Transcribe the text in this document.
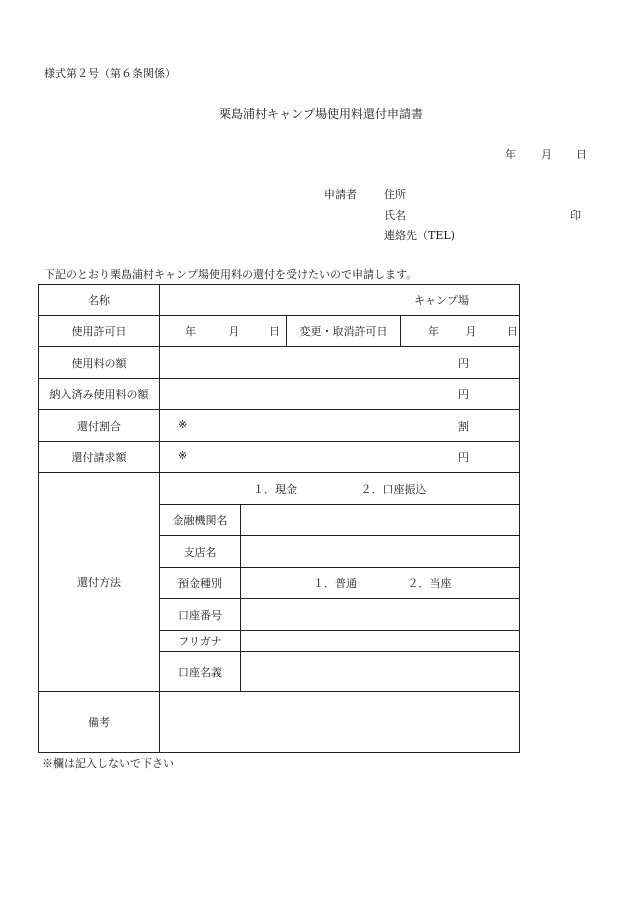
様式第２号（第６条関係）
栗島浦村キャンプ場使用料還付申請書
年 月 日
申請者 住所
氏名	印
連絡先（TEL)
下記のとおり栗島浦村キャンプ場使用料の還付を受けたいので申請します。
名称	キャンプ場			
使用許可日	年 月 日		変更・取消許可日	年 月 日
使用料の額	円			
納入済み使用料の額	円			
還付割合	※ 割			

還付請求額	※ 円			

還付方法	１．現金 ２．口座振込			
	金融機関名			
	支店名			
	預金種別	１．普通 ２．当座		
	口座番号			
	フリガナ			
	口座名義			
備考				
※欄は記入しないで下さい
